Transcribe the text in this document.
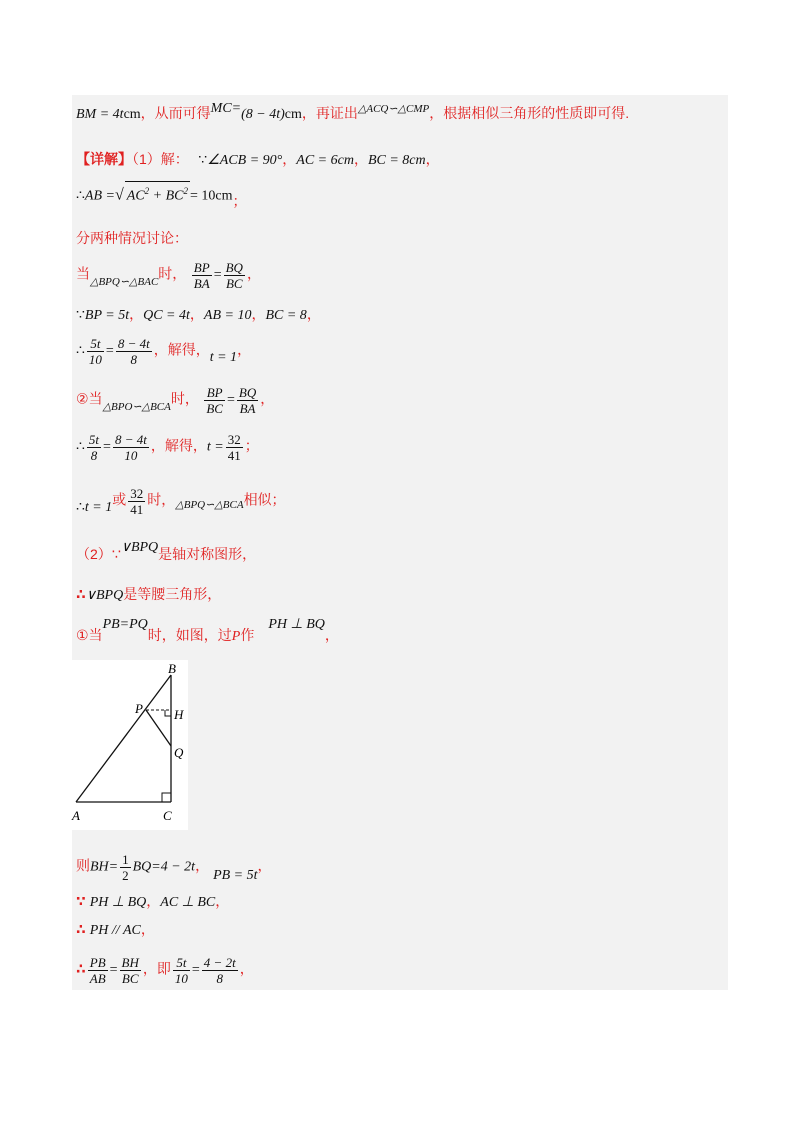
BM = 4tcm，从而可得MC=(8 − 4t)cm，再证出$^{\triangle ACQ∽\triangle CMP}$，根据相似三角形的性质即可得.
【详解】（1）解： ∵∠ACB = 90°，AC = 6cm，BC = 8cm，
∴AB =√ $AC^2 + BC^2 = 10cm$；
分两种情况讨论：
当$_{\triangle BPQ∽\triangle BAC}$时， $\frac{BP}{BA} = \frac{BQ}{BC}$ ，
∵BP = 5t，QC = 4t，AB = 10，BC = 8，
∴ $\frac{5t}{10} = \frac{8 - 4t}{8}$ ，解得，t = 1，
②当$_{\triangle BPO∽\triangle BCA}$时， $\frac{BP}{BC} = \frac{BQ}{BA}$ ，
∴ $\frac{5t}{8} = \frac{8 - 4t}{10}$ ，解得，$t = \frac{32}{41}$ ；
∴t = 1或 $\frac{32}{41}$ 时，$_{\triangle BPQ∽\triangle BCA}$相似；
（2）∵∨BPQ是轴对称图形，
∴∨BPQ是等腰三角形，
①当PB=PQ时，如图，过P作PH ⊥ BQ，
B
P H
Q
A	C
则$BH= \frac{1}{2} BQ=4 - 2t$，PB = 5t，
∵ PH ⊥ BQ，AC ⊥ BC，
∴ PH // AC，
∴ $\frac{PB}{AB} = \frac{BH}{BC}$ ，即 $\frac{5t}{10} = \frac{4 - 2t}{8}$ ，
